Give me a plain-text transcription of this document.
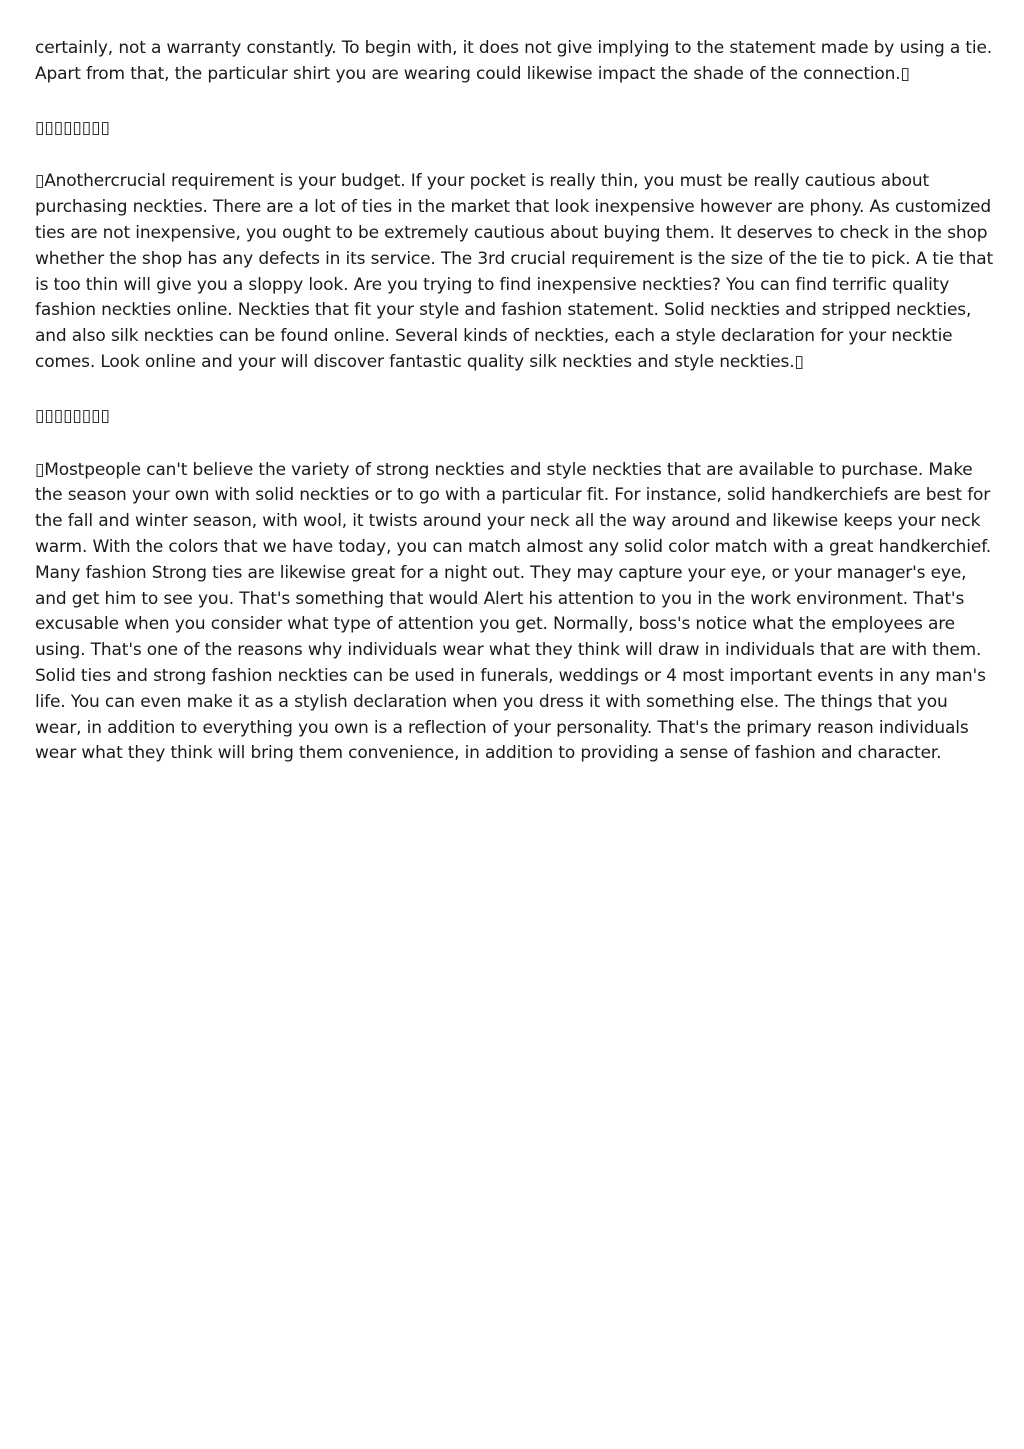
certainly, not a warranty constantly. To begin with, it does not give implying to the statement made by using a tie. Apart from that, the particular shirt you are wearing could likewise impact the shade of the connection.▯

▯▯▯▯▯▯▯▯

▯Anothercrucial requirement is your budget. If your pocket is really thin, you must be really cautious about purchasing neckties. There are a lot of ties in the market that look inexpensive however are phony. As customized ties are not inexpensive, you ought to be extremely cautious about buying them. It deserves to check in the shop whether the shop has any defects in its service. The 3rd crucial requirement is the size of the tie to pick. A tie that is too thin will give you a sloppy look. Are you trying to find inexpensive neckties? You can find terrific quality fashion neckties online. Neckties that fit your style and fashion statement. Solid neckties and stripped neckties, and also silk neckties can be found online. Several kinds of neckties, each a style declaration for your necktie comes. Look online and your will discover fantastic quality silk neckties and style neckties.▯

▯▯▯▯▯▯▯▯

▯Mostpeople can't believe the variety of strong neckties and style neckties that are available to purchase. Make the season your own with solid neckties or to go with a particular fit. For instance, solid handkerchiefs are best for the fall and winter season, with wool, it twists around your neck all the way around and likewise keeps your neck warm. With the colors that we have today, you can match almost any solid color match with a great handkerchief. Many fashion Strong ties are likewise great for a night out. They may capture your eye, or your manager's eye, and get him to see you. That's something that would Alert his attention to you in the work environment. That's excusable when you consider what type of attention you get. Normally, boss's notice what the employees are using. That's one of the reasons why individuals wear what they think will draw in individuals that are with them. Solid ties and strong fashion neckties can be used in funerals, weddings or 4 most important events in any man's life. You can even make it as a stylish declaration when you dress it with something else. The things that you wear, in addition to everything you own is a reflection of your personality. That's the primary reason individuals wear what they think will bring them convenience, in addition to providing a sense of fashion and character.
